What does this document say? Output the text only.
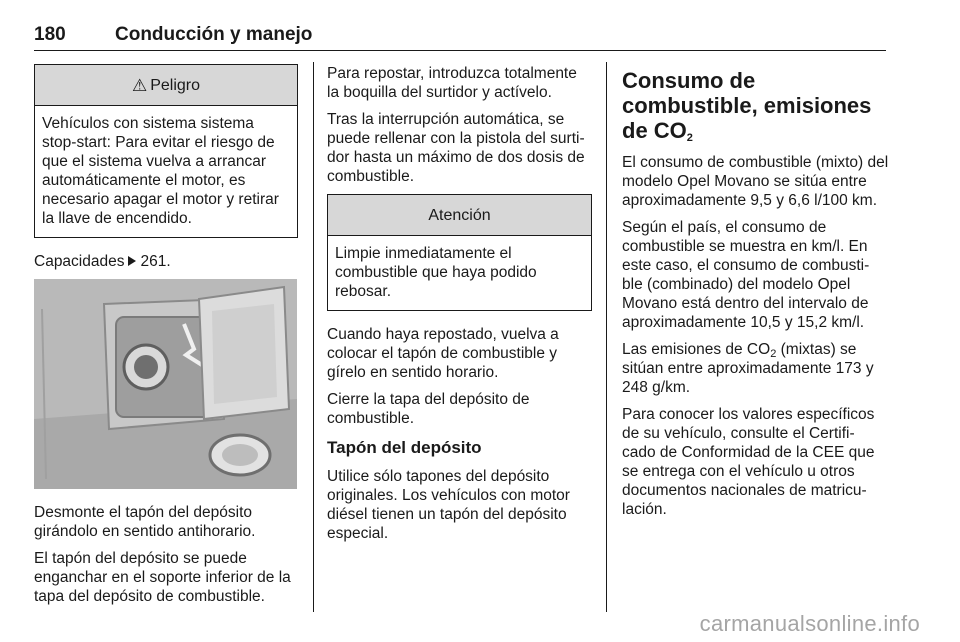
180	Conducción y manejo
⚠ Peligro
Vehículos con sistema sistema stop-start: Para evitar el riesgo de que el sistema vuelva a arrancar automáticamente el motor, es necesario apagar el motor y retirar la llave de encendido.

Capacidades 261.

Desmonte el tapón del depósito girándolo en sentido antihorario.

El tapón del depósito se puede enganchar en el soporte inferior de la tapa del depósito de combustible.

Para repostar, introduzca totalmente la boquilla del surtidor y actívelo.

Tras la interrupción automática, se puede rellenar con la pistola del surti- dor hasta un máximo de dos dosis de combustible.

Atención
Limpie inmediatamente el combustible que haya podido rebosar.

Cuando haya repostado, vuelva a colocar el tapón de combustible y gírelo en sentido horario.

Cierre la tapa del depósito de combustible.

Tapón del depósito

Utilice sólo tapones del depósito originales. Los vehículos con motor diésel tienen un tapón del depósito especial.

Consumo de combustible, emisiones de $CO_2$

El consumo de combustible (mixto) del modelo Opel Movano se sitúa entre aproximadamente 9,5 y 6,6 l/100 km.

Según el país, el consumo de combustible se muestra en km/l. En este caso, el consumo de combusti- ble (combinado) del modelo Opel Movano está dentro del intervalo de aproximadamente 10,5 y 15,2 km/l.

Las emisiones de $CO_2$ (mixtas) se sitúan entre aproximadamente 173 y 248 g/km.

Para conocer los valores específicos de su vehículo, consulte el Certifi- cado de Conformidad de la CEE que se entrega con el vehículo u otros documentos nacionales de matricu- lación.

carmanualsonline.info
